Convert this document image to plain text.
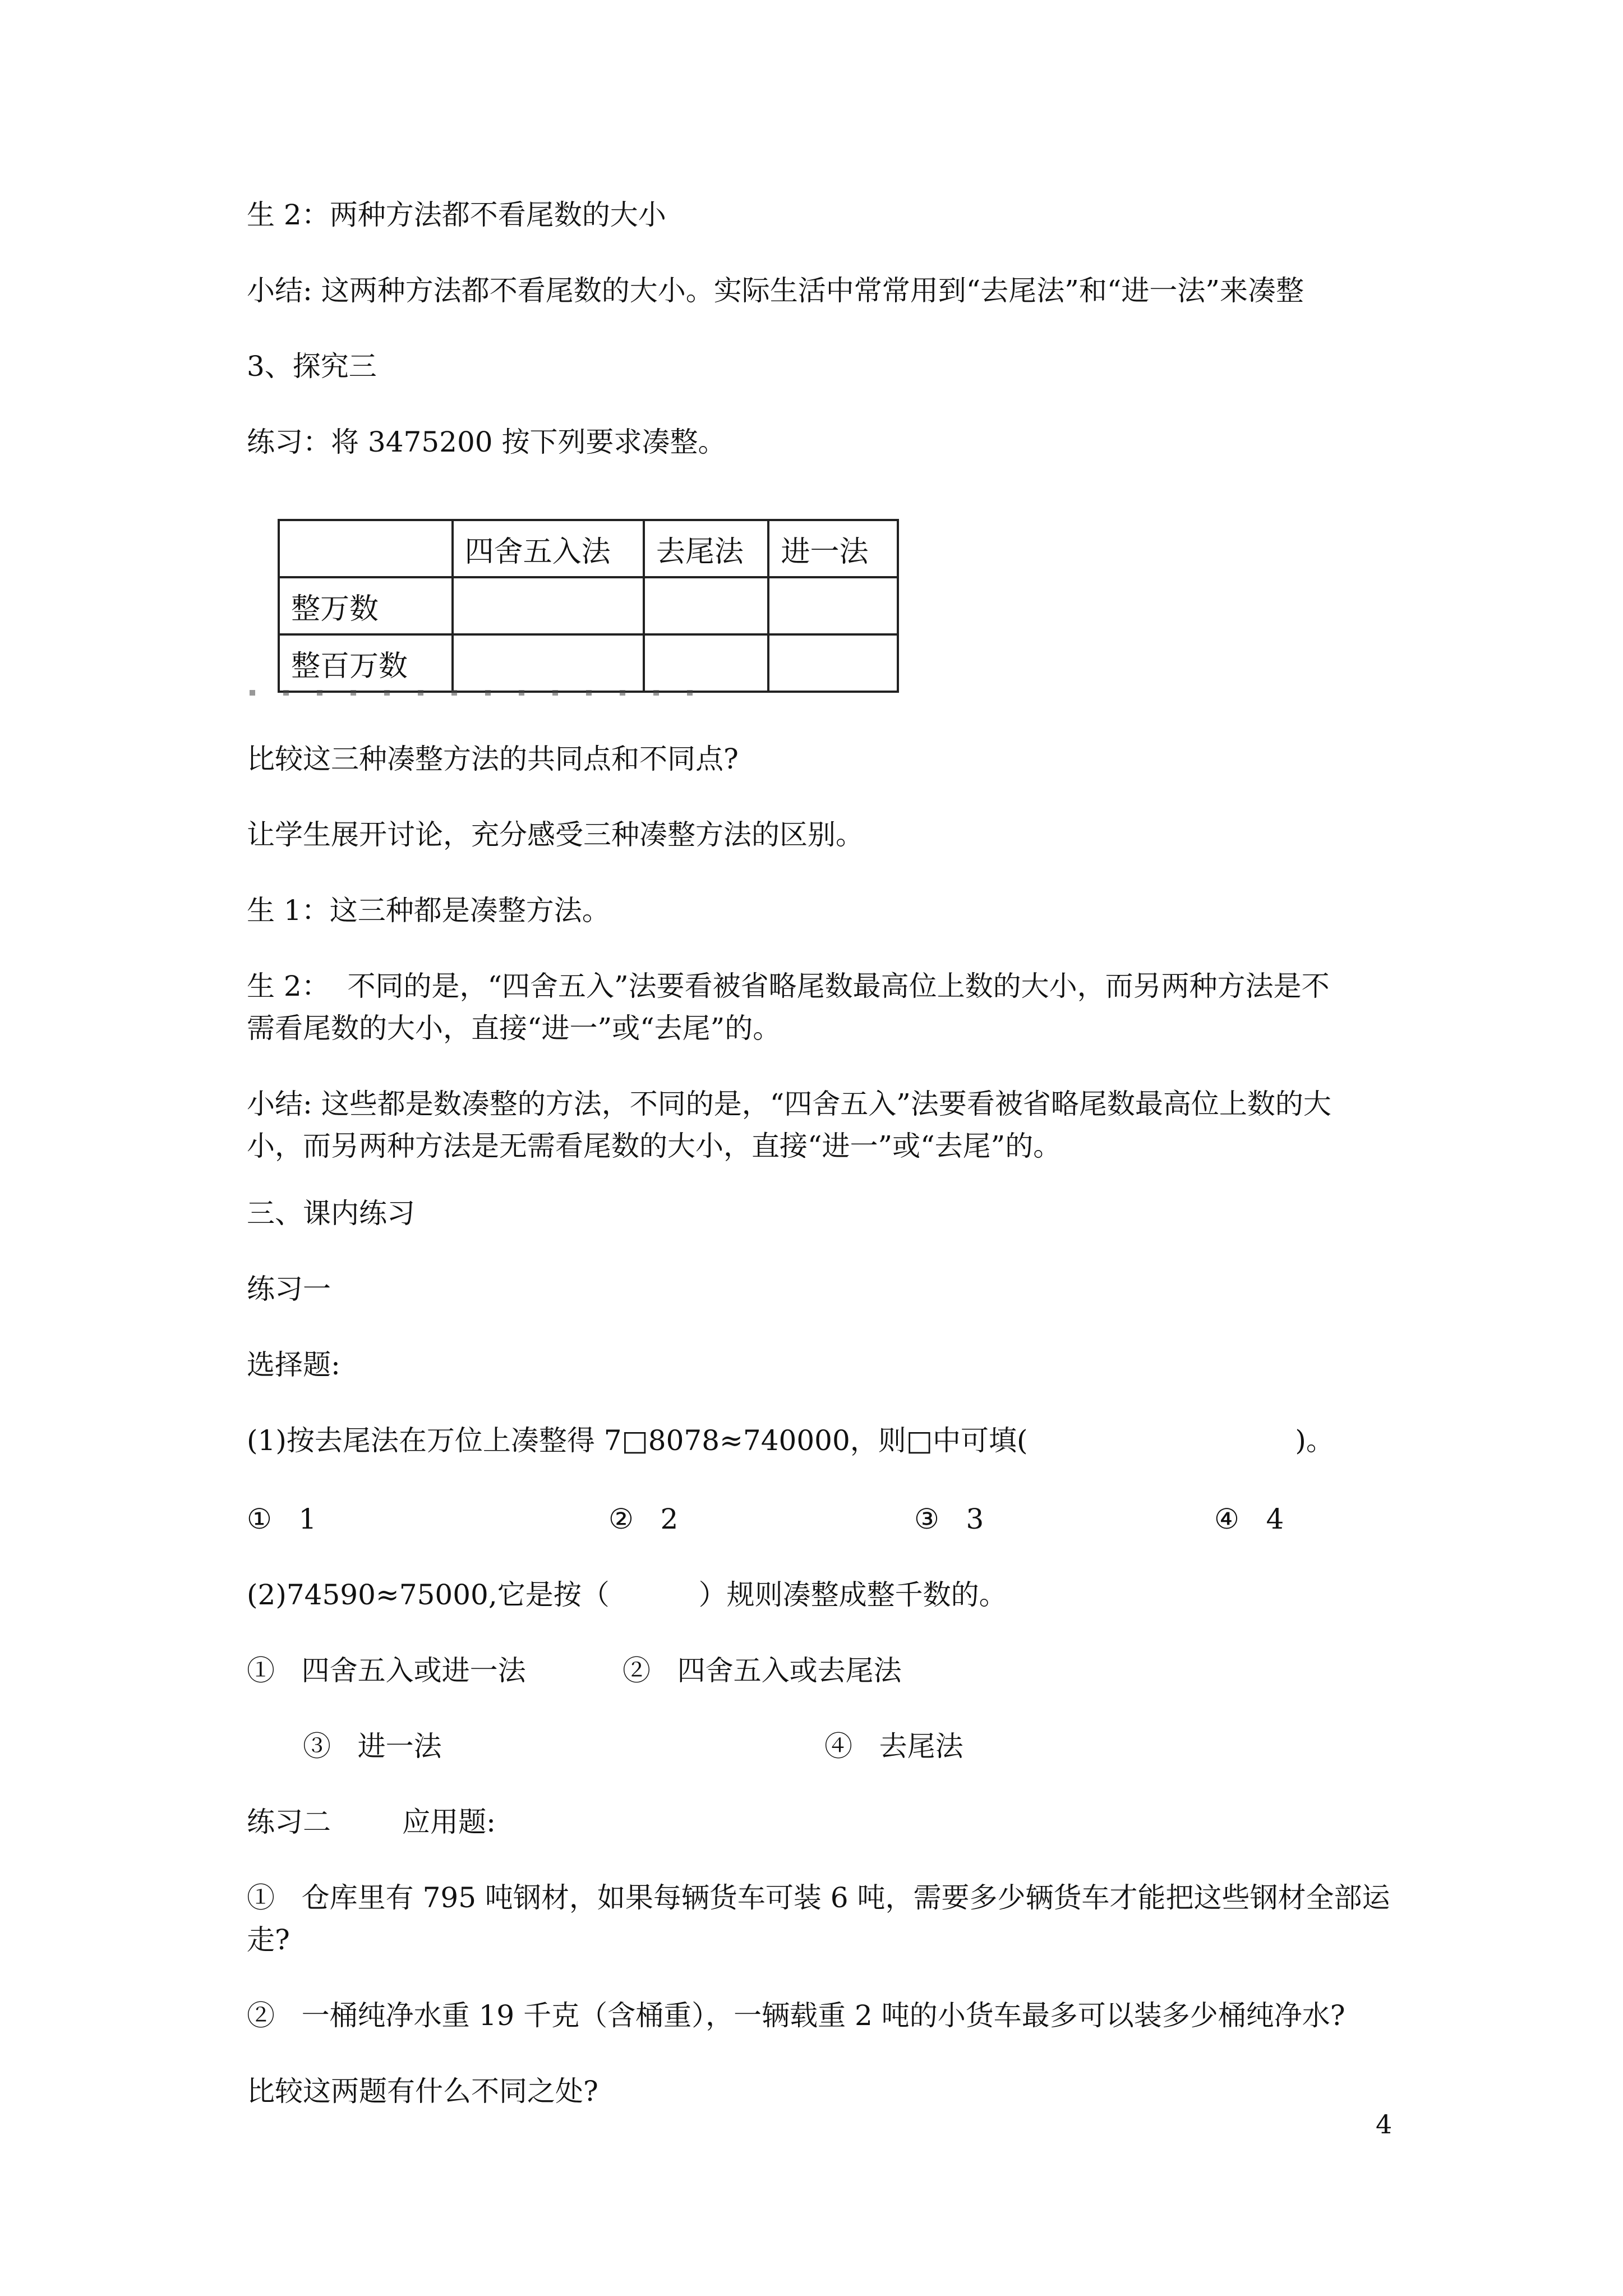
生 2：两种方法都不看尾数的大小

小结: 这两种方法都不看尾数的大小。实际生活中常常用到“去尾法”和“进一法”来凑整

3、探究三

练习：将 3475200 按下列要求凑整。

	四舍五入法	去尾法	进一法
整万数			
整百万数			

比较这三种凑整方法的共同点和不同点?

让学生展开讨论，充分感受三种凑整方法的区别。

生 1：这三种都是凑整方法。

生 2：  不同的是，“四舍五入”法要看被省略尾数最高位上数的大小，而另两种方法是不

需看尾数的大小，直接“进一”或“去尾”的。

小结: 这些都是数凑整的方法，不同的是，“四舍五入”法要看被省略尾数最高位上数的大

小，而另两种方法是无需看尾数的大小，直接“进一”或“去尾”的。

三、课内练习

练习一

选择题:

(1)按去尾法在万位上凑整得 7□8078≈740000，则□中可填(                              )。

①   1	②   2	③   3	④   4

(2)74590≈75000,它是按（          ）规则凑整成整千数的。

①   四舍五入或进一法	②   四舍五入或去尾法
③   进一法	④   去尾法

练习二        应用题:

①   仓库里有 795 吨钢材，如果每辆货车可装 6 吨，需要多少辆货车才能把这些钢材全部运

走?

②   一桶纯净水重 19 千克（含桶重），一辆载重 2 吨的小货车最多可以装多少桶纯净水?

比较这两题有什么不同之处?

4
